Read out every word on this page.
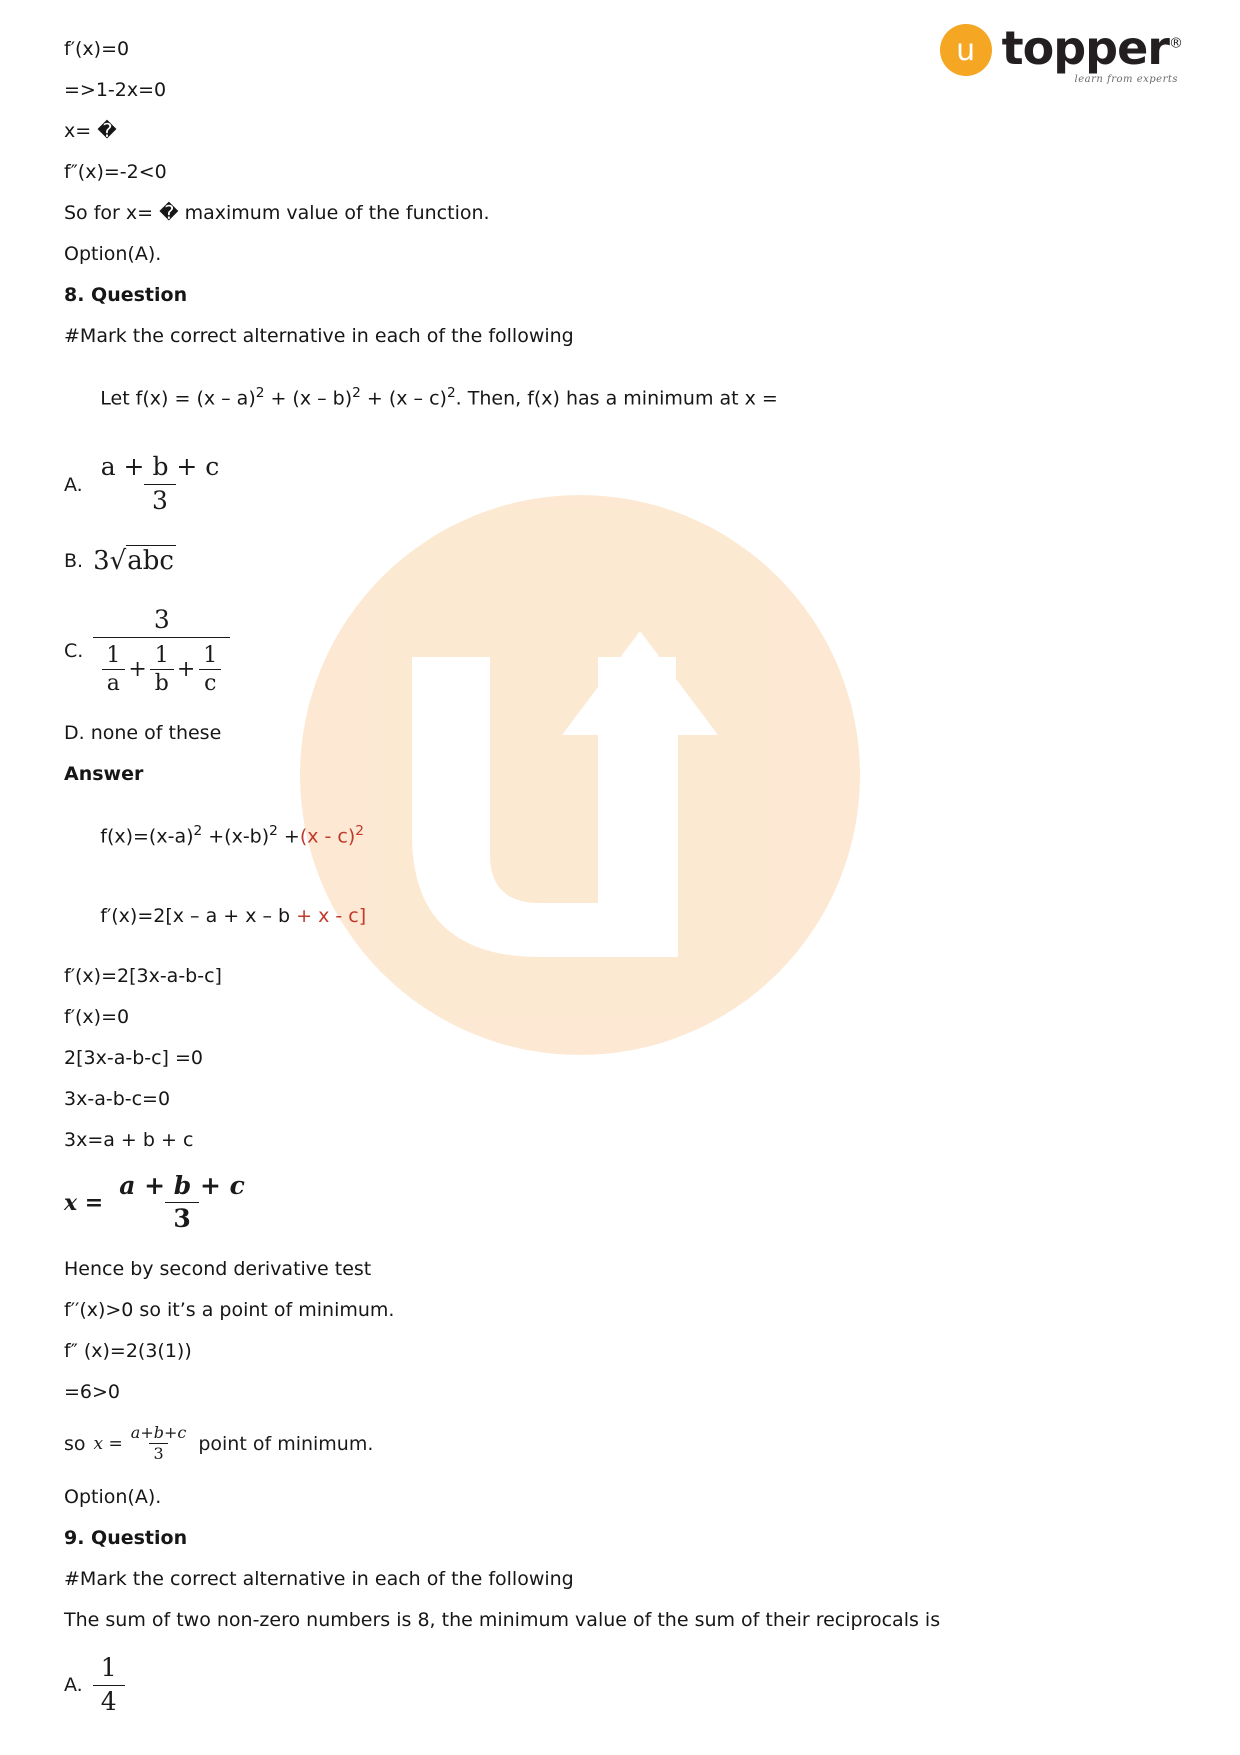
u topper®
learn from experts

f′(x)=0

=>1-2x=0

x= �

f″(x)=-2<0

So for x= � maximum value of the function.

Option(A).

8. Question

#Mark the correct alternative in each of the following

Let f(x) = (x – a)$^2$ + (x – b)$^2$ + (x – c)$^2$. Then, f(x) has a minimum at x =

A. $\frac{a + b + c}{3}$
B. 3√abc
C.
3
$\frac{1}{a} + \frac{1}{b} + \frac{1}{c}$

D. none of these

Answer

$f(x)=(x-a)^2 +(x-b)^2 +(x - c)^2$

f′(x)=2[x – a + x – b + x - c]

f′(x)=2[3x-a-b-c]

f′(x)=0

2[3x-a-b-c] =0

3x-a-b-c=0

3x=a + b + c

$x = \frac{a + b + c}{3}$

Hence by second derivative test

f′′(x)>0 so it’s a point of minimum.

f″ (x)=2(3(1))

=6>0

so $x = \frac{a+b+c}{3}$ point of minimum.

Option(A).

9. Question

#Mark the correct alternative in each of the following

The sum of two non-zero numbers is 8, the minimum value of the sum of their reciprocals is

A. $\frac{1}{4}$
